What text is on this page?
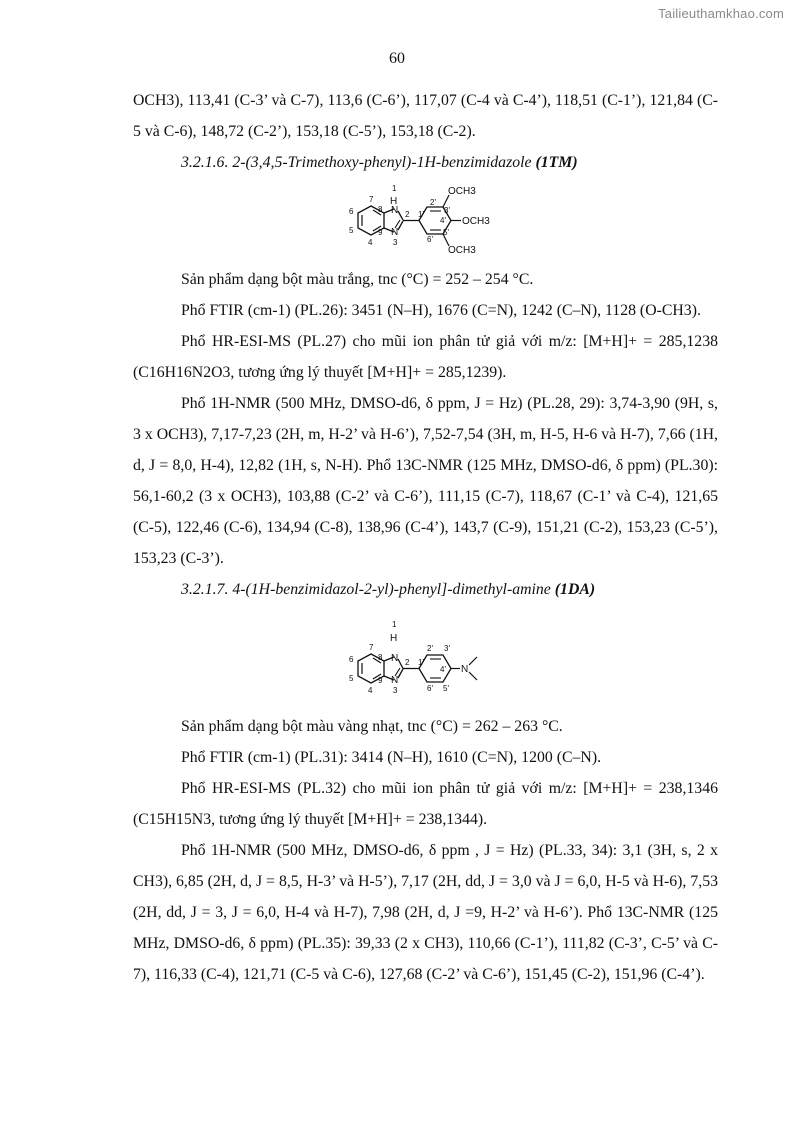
Tailieuthamkhao.com
60

OCH3), 113,41 (C-3’ và C-7), 113,6 (C-6’), 117,07 (C-4 và C-4’), 118,51 (C-1’), 121,84 (C-5 và C-6), 148,72 (C-2’), 153,18 (C-5’), 153,18 (C-2).

3.2.1.6. 2-(3,4,5-Trimethoxy-phenyl)-1H-benzimidazole (1TM)
1
H
N
N
3
2
7
8
6
5
4
9
1'
2'
3'
4'
5'
6'
OCH3
OCH3
OCH3

Sản phẩm dạng bột màu trắng, tnc (°C) = 252 – 254 °C.

Phổ FTIR (cm-1) (PL.26): 3451 (N–H), 1676 (C=N), 1242 (C–N), 1128 (O-CH3).

Phổ HR-ESI-MS (PL.27) cho mũi ion phân tử giả với m/z: [M+H]+ = 285,1238 (C16H16N2O3, tương ứng lý thuyết [M+H]+ = 285,1239).

Phổ 1H-NMR (500 MHz, DMSO-d6, δ ppm, J = Hz) (PL.28, 29): 3,74-3,90 (9H, s, 3 x OCH3), 7,17-7,23 (2H, m, H-2’ và H-6’), 7,52-7,54 (3H, m, H-5, H-6 và H-7), 7,66 (1H, d, J = 8,0, H-4), 12,82 (1H, s, N-H). Phổ 13C-NMR (125 MHz, DMSO-d6, δ ppm) (PL.30): 56,1-60,2 (3 x OCH3), 103,88 (C-2’ và C-6’), 111,15 (C-7), 118,67 (C-1’ và C-4), 121,65 (C-5), 122,46 (C-6), 134,94 (C-8), 138,96 (C-4’), 143,7 (C-9), 151,21 (C-2), 153,23 (C-5’), 153,23 (C-3’).

3.2.1.7. 4-(1H-benzimidazol-2-yl)-phenyl]-dimethyl-amine (1DA)
1
H
N
N
3
2
7
8
6
5
4
9
1'
2' 3'
4'
5'
6'
N

Sản phẩm dạng bột màu vàng nhạt, tnc (°C) = 262 – 263 °C.

Phổ FTIR (cm-1) (PL.31): 3414 (N–H), 1610 (C=N), 1200 (C–N).

Phổ HR-ESI-MS (PL.32) cho mũi ion phân tử giả với m/z: [M+H]+ = 238,1346 (C15H15N3, tương ứng lý thuyết [M+H]+ = 238,1344).

Phổ 1H-NMR (500 MHz, DMSO-d6, δ ppm , J = Hz) (PL.33, 34): 3,1 (3H, s, 2 x CH3), 6,85 (2H, d, J = 8,5, H-3’ và H-5’), 7,17 (2H, dd, J = 3,0 và J = 6,0, H-5 và H-6), 7,53 (2H, dd, J = 3, J = 6,0, H-4 và H-7), 7,98 (2H, d, J =9, H-2’ và H-6’). Phổ 13C-NMR (125 MHz, DMSO-d6, δ ppm) (PL.35): 39,33 (2 x CH3), 110,66 (C-1’), 111,82 (C-3’, C-5’ và C-7), 116,33 (C-4), 121,71 (C-5 và C-6), 127,68 (C-2’ và C-6’), 151,45 (C-2), 151,96 (C-4’).
